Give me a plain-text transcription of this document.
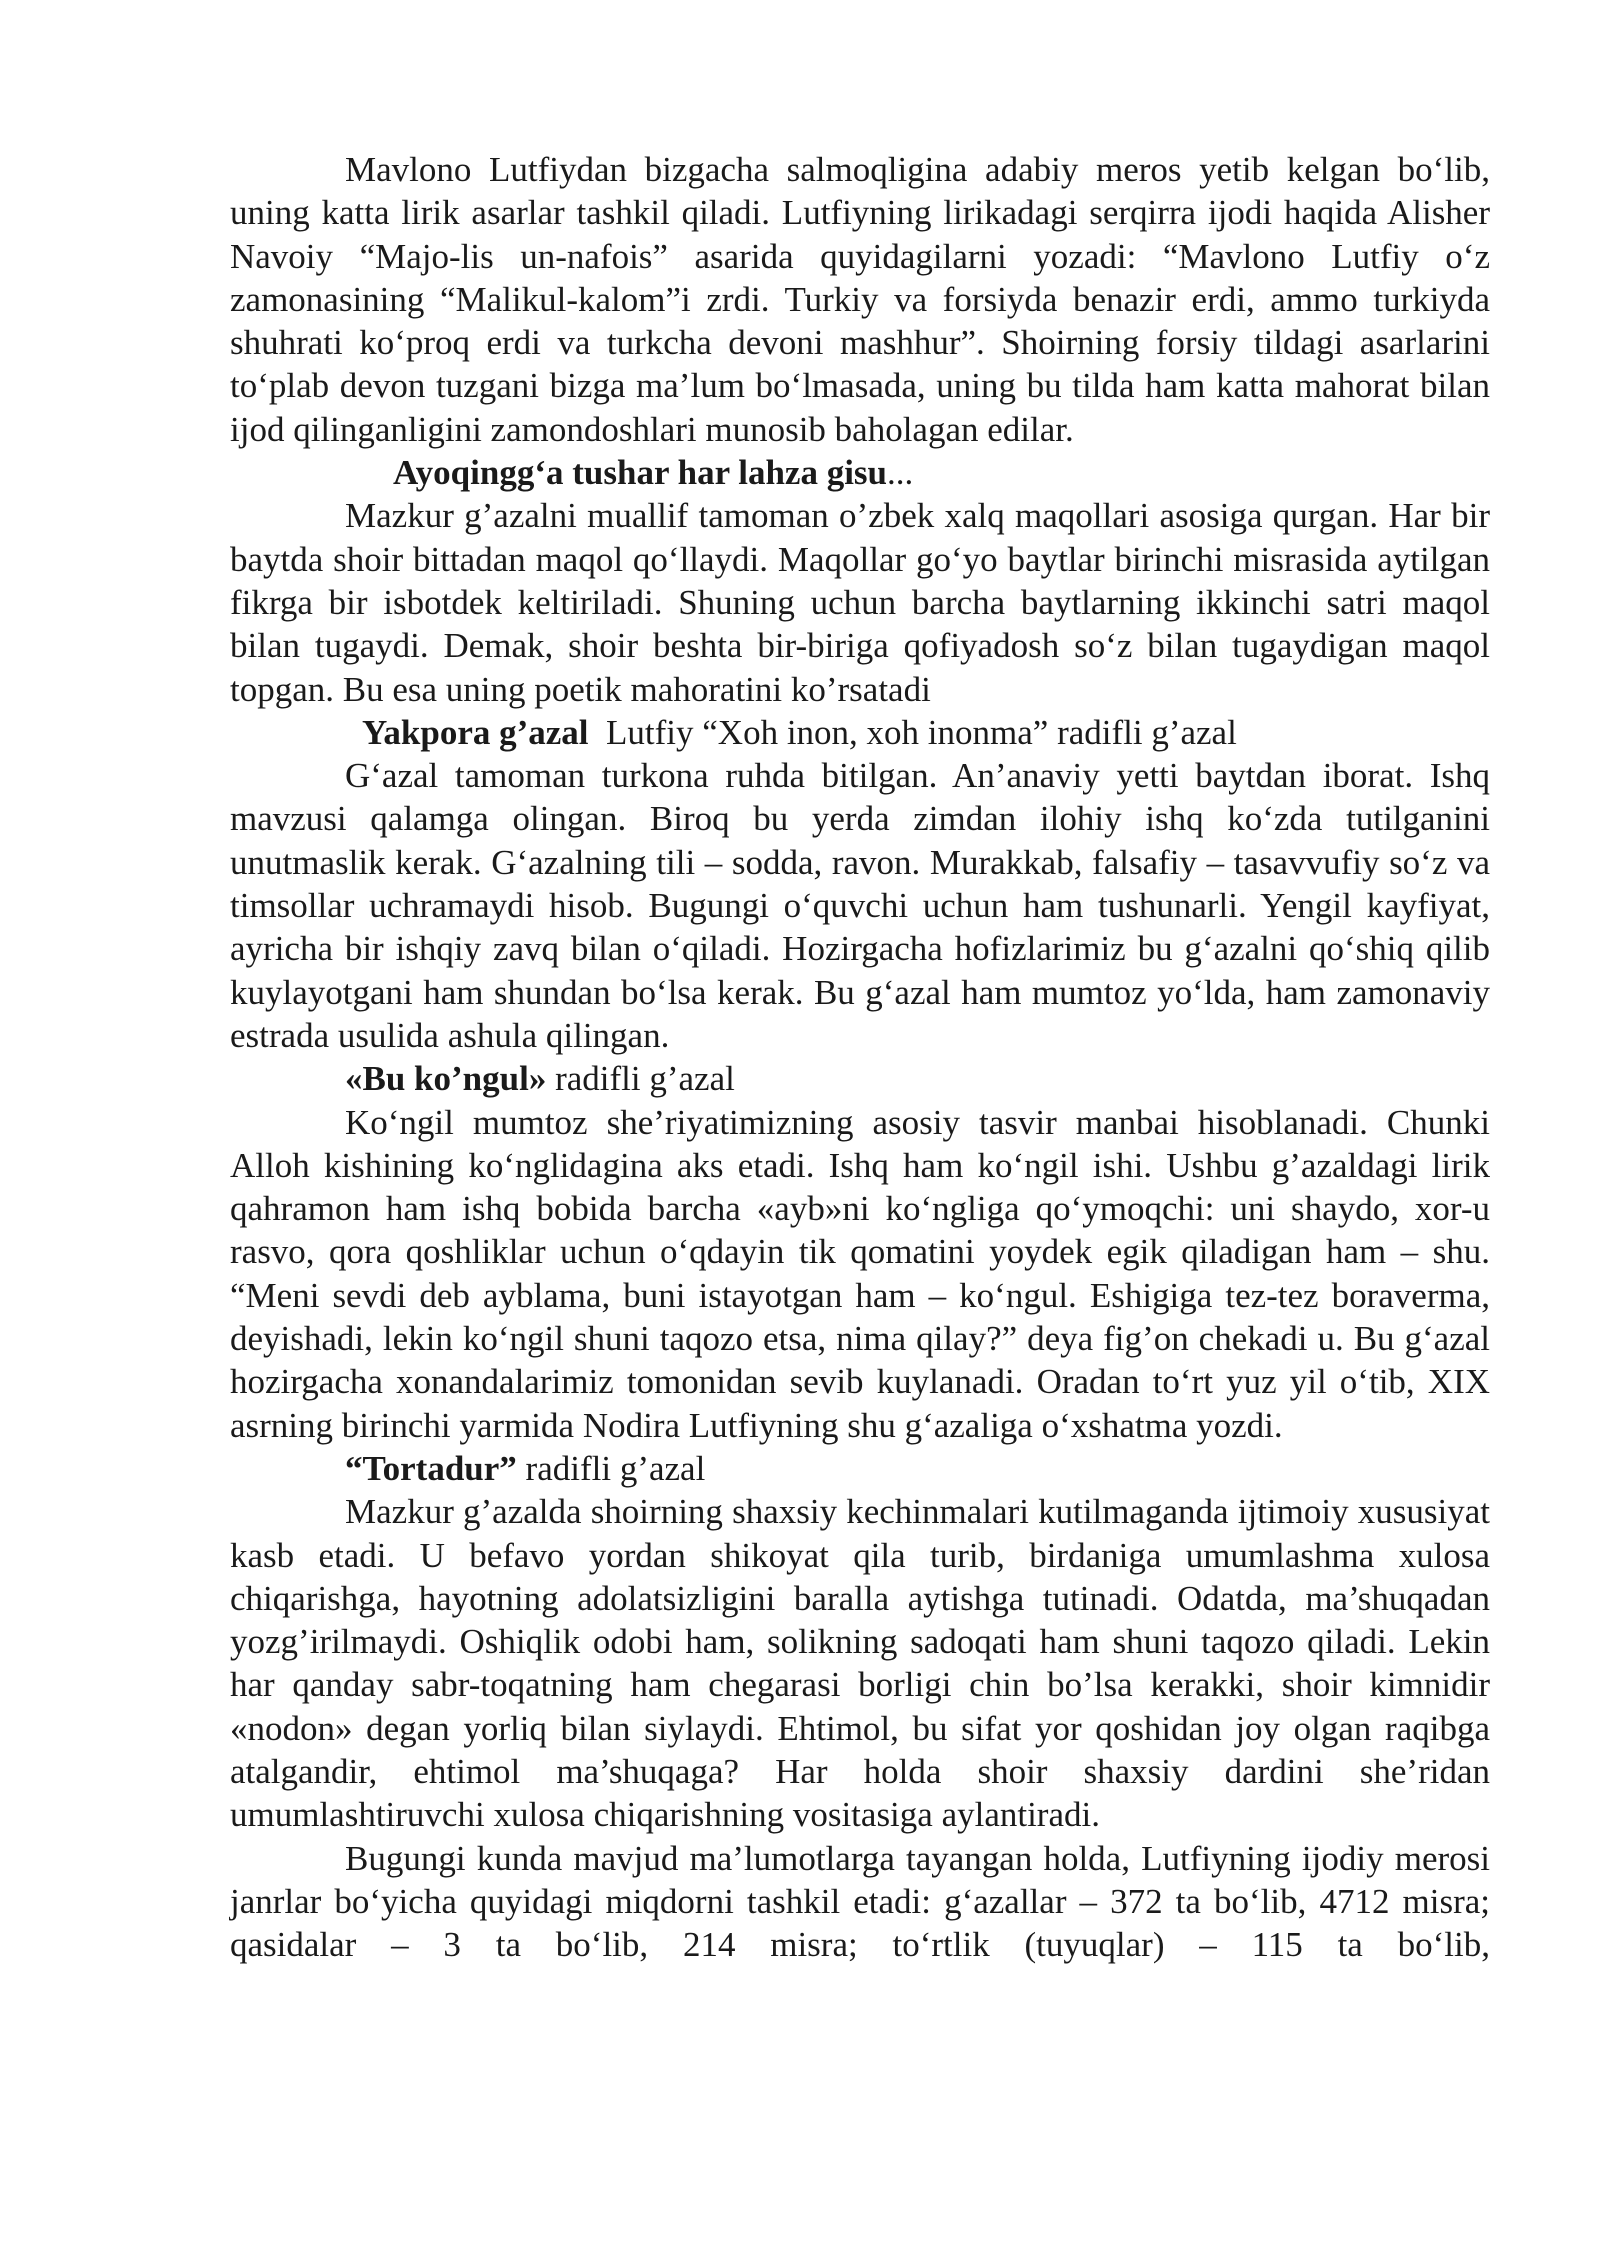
Mavlono Lutfiydan bizgacha salmoqligina adabiy meros yetib kelgan bo‘lib, uning katta lirik asarlar tashkil qiladi. Lutfiyning lirikadagi serqirra ijodi haqida Alisher Navoiy “Majo-lis un-nafois” asarida quyidagilarni yozadi: “Mavlono Lutfiy o‘z zamonasining “Malikul-kalom”i zrdi. Turkiy va forsiyda benazir erdi, ammo turkiyda shuhrati ko‘proq erdi va turkcha devoni mashhur”. Shoirning forsiy tildagi asarlarini to‘plab devon tuzgani bizga ma’lum bo‘lmasada, uning bu tilda ham katta mahorat bilan ijod qilinganligini zamondoshlari munosib baholagan edilar.

Ayoqingg‘a tushar har lahza gisu...

Mazkur g’azalni muallif tamoman o’zbek xalq maqollari asosiga qurgan. Har bir baytda shoir bittadan maqol qo‘llaydi. Maqollar go‘yo baytlar birinchi misrasida aytilgan fikrga bir isbotdek keltiriladi. Shuning uchun barcha baytlarning ikkinchi satri maqol bilan tugaydi. Demak, shoir beshta bir-biriga qofiyadosh so‘z bilan tugaydigan maqol topgan. Bu esa uning poetik mahoratini ko’rsatadi

Yakpora g’azal  Lutfiy “Xoh inon, xoh inonma” radifli g’azal

G‘azal tamoman turkona ruhda bitilgan. An’anaviy yetti baytdan iborat. Ishq mavzusi qalamga olingan. Biroq bu yerda zimdan ilohiy ishq ko‘zda tutilganini unutmaslik kerak. G‘azalning tili – sodda, ravon. Murakkab, falsafiy – tasavvufiy so‘z va timsollar uchramaydi hisob. Bugungi o‘quvchi uchun ham tushunarli. Yengil kayfiyat, ayricha bir ishqiy zavq bilan o‘qiladi. Hozirgacha hofizlarimiz bu g‘azalni qo‘shiq qilib kuylayotgani ham shundan bo‘lsa kerak. Bu g‘azal ham mumtoz yo‘lda, ham zamonaviy estrada usulida ashula qilingan.

«Bu ko’ngul» radifli g’azal

Ko‘ngil mumtoz she’riyatimizning asosiy tasvir manbai hisoblanadi. Chunki Alloh kishining ko‘nglidagina aks etadi. Ishq ham ko‘ngil ishi. Ushbu g’azaldagi lirik qahramon ham ishq bobida barcha «ayb»ni ko‘ngliga qo‘ymoqchi: uni shaydo, xor-u rasvo, qora qoshliklar uchun o‘qdayin tik qomatini yoydek egik qiladigan ham – shu. “Meni sevdi deb ayblama, buni istayotgan ham – ko‘ngul. Eshigiga tez-tez boraverma, deyishadi, lekin ko‘ngil shuni taqozo etsa, nima qilay?” deya fig’on chekadi u. Bu g‘azal hozirgacha xonandalarimiz tomonidan sevib kuylanadi. Oradan to‘rt yuz yil o‘tib, XIX asrning birinchi yarmida Nodira Lutfiyning shu g‘azaliga o‘xshatma yozdi.

“Tortadur” radifli g’azal

Mazkur g’azalda shoirning shaxsiy kechinmalari kutilmaganda ijtimoiy xususiyat kasb etadi. U befavo yordan shikoyat qila turib, birdaniga umumlashma xulosa chiqarishga, hayotning adolatsizligini baralla aytishga tutinadi. Odatda, ma’shuqadan yozg’irilmaydi. Oshiqlik odobi ham, solikning sadoqati ham shuni taqozo qiladi. Lekin har qanday sabr-toqatning ham chegarasi borligi chin bo’lsa kerakki, shoir kimnidir «nodon» degan yorliq bilan siylaydi. Ehtimol, bu sifat yor qoshidan joy olgan raqibga atalgandir, ehtimol ma’shuqaga? Har holda shoir shaxsiy dardini she’ridan umumlashtiruvchi xulosa chiqarishning vositasiga aylantiradi.

Bugungi kunda mavjud ma’lumotlarga tayangan holda, Lutfiyning ijodiy merosi janrlar bo‘yicha quyidagi miqdorni tashkil etadi: g‘azallar – 372 ta bo‘lib, 4712 misra; qasidalar – 3 ta bo‘lib, 214 misra; to‘rtlik (tuyuqlar) – 115 ta bo‘lib,
